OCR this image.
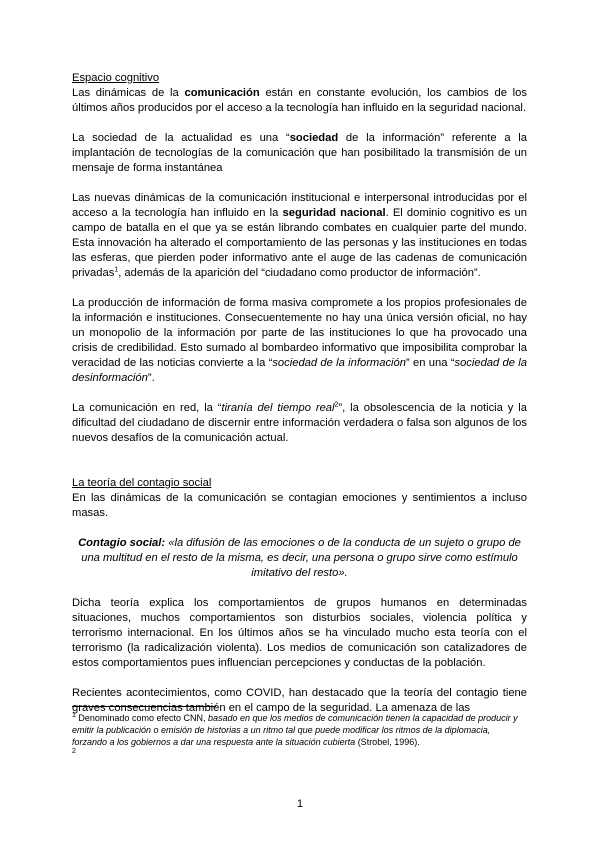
Espacio cognitivo

Las dinámicas de la comunicación están en constante evolución, los cambios de los últimos años producidos por el acceso a la tecnología han influido en la seguridad nacional.

La sociedad de la actualidad es una “sociedad de la información” referente a la implantación de tecnologías de la comunicación que han posibilitado la transmisión de un mensaje de forma instantánea

Las nuevas dinámicas de la comunicación institucional e interpersonal introducidas por el acceso a la tecnología han influido en la seguridad nacional. El dominio cognitivo es un campo de batalla en el que ya se están librando combates en cualquier parte del mundo. Esta innovación ha alterado el comportamiento de las personas y las instituciones en todas las esferas, que pierden poder informativo ante el auge de las cadenas de comunicación privadas$^1$, además de la aparición del “ciudadano como productor de información”.

La producción de información de forma masiva compromete a los propios profesionales de la información e instituciones. Consecuentemente no hay una única versión oficial, no hay un monopolio de la información por parte de las instituciones lo que ha provocado una crisis de credibilidad. Esto sumado al bombardeo informativo que imposibilita comprobar la veracidad de las noticias convierte a la “sociedad de la información” en una “sociedad de la desinformación”.

La comunicación en red, la “tiranía del tiempo real$^2$”, la obsolescencia de la noticia y la dificultad del ciudadano de discernir entre información verdadera o falsa son algunos de los nuevos desafíos de la comunicación actual.

La teoría del contagio social

En las dinámicas de la comunicación se contagian emociones y sentimientos a incluso masas.

Contagio social: «la difusión de las emociones o de la conducta de un sujeto o grupo de una multitud en el resto de la misma, es decir, una persona o grupo sirve como estímulo imitativo del resto».

Dicha teoría explica los comportamientos de grupos humanos en determinadas situaciones, muchos comportamientos son disturbios sociales, violencia política y terrorismo internacional. En los últimos años se ha vinculado mucho esta teoría con el terrorismo (la radicalización violenta). Los medios de comunicación son catalizadores de estos comportamientos pues influencian percepciones y conductas de la población.

Recientes acontecimientos, como COVID, han destacado que la teoría del contagio tiene graves consecuencias también en el campo de la seguridad. La amenaza de las

$^1$ Denominado como efecto CNN, basado en que los medios de comunicación tienen la capacidad de producir y emitir la publicación o emisión de historias a un ritmo tal que puede modificar los ritmos de la diplomacia, forzando a los gobiernos a dar una respuesta ante la situación cubierta (Strobel, 1996).

$^2$

1
